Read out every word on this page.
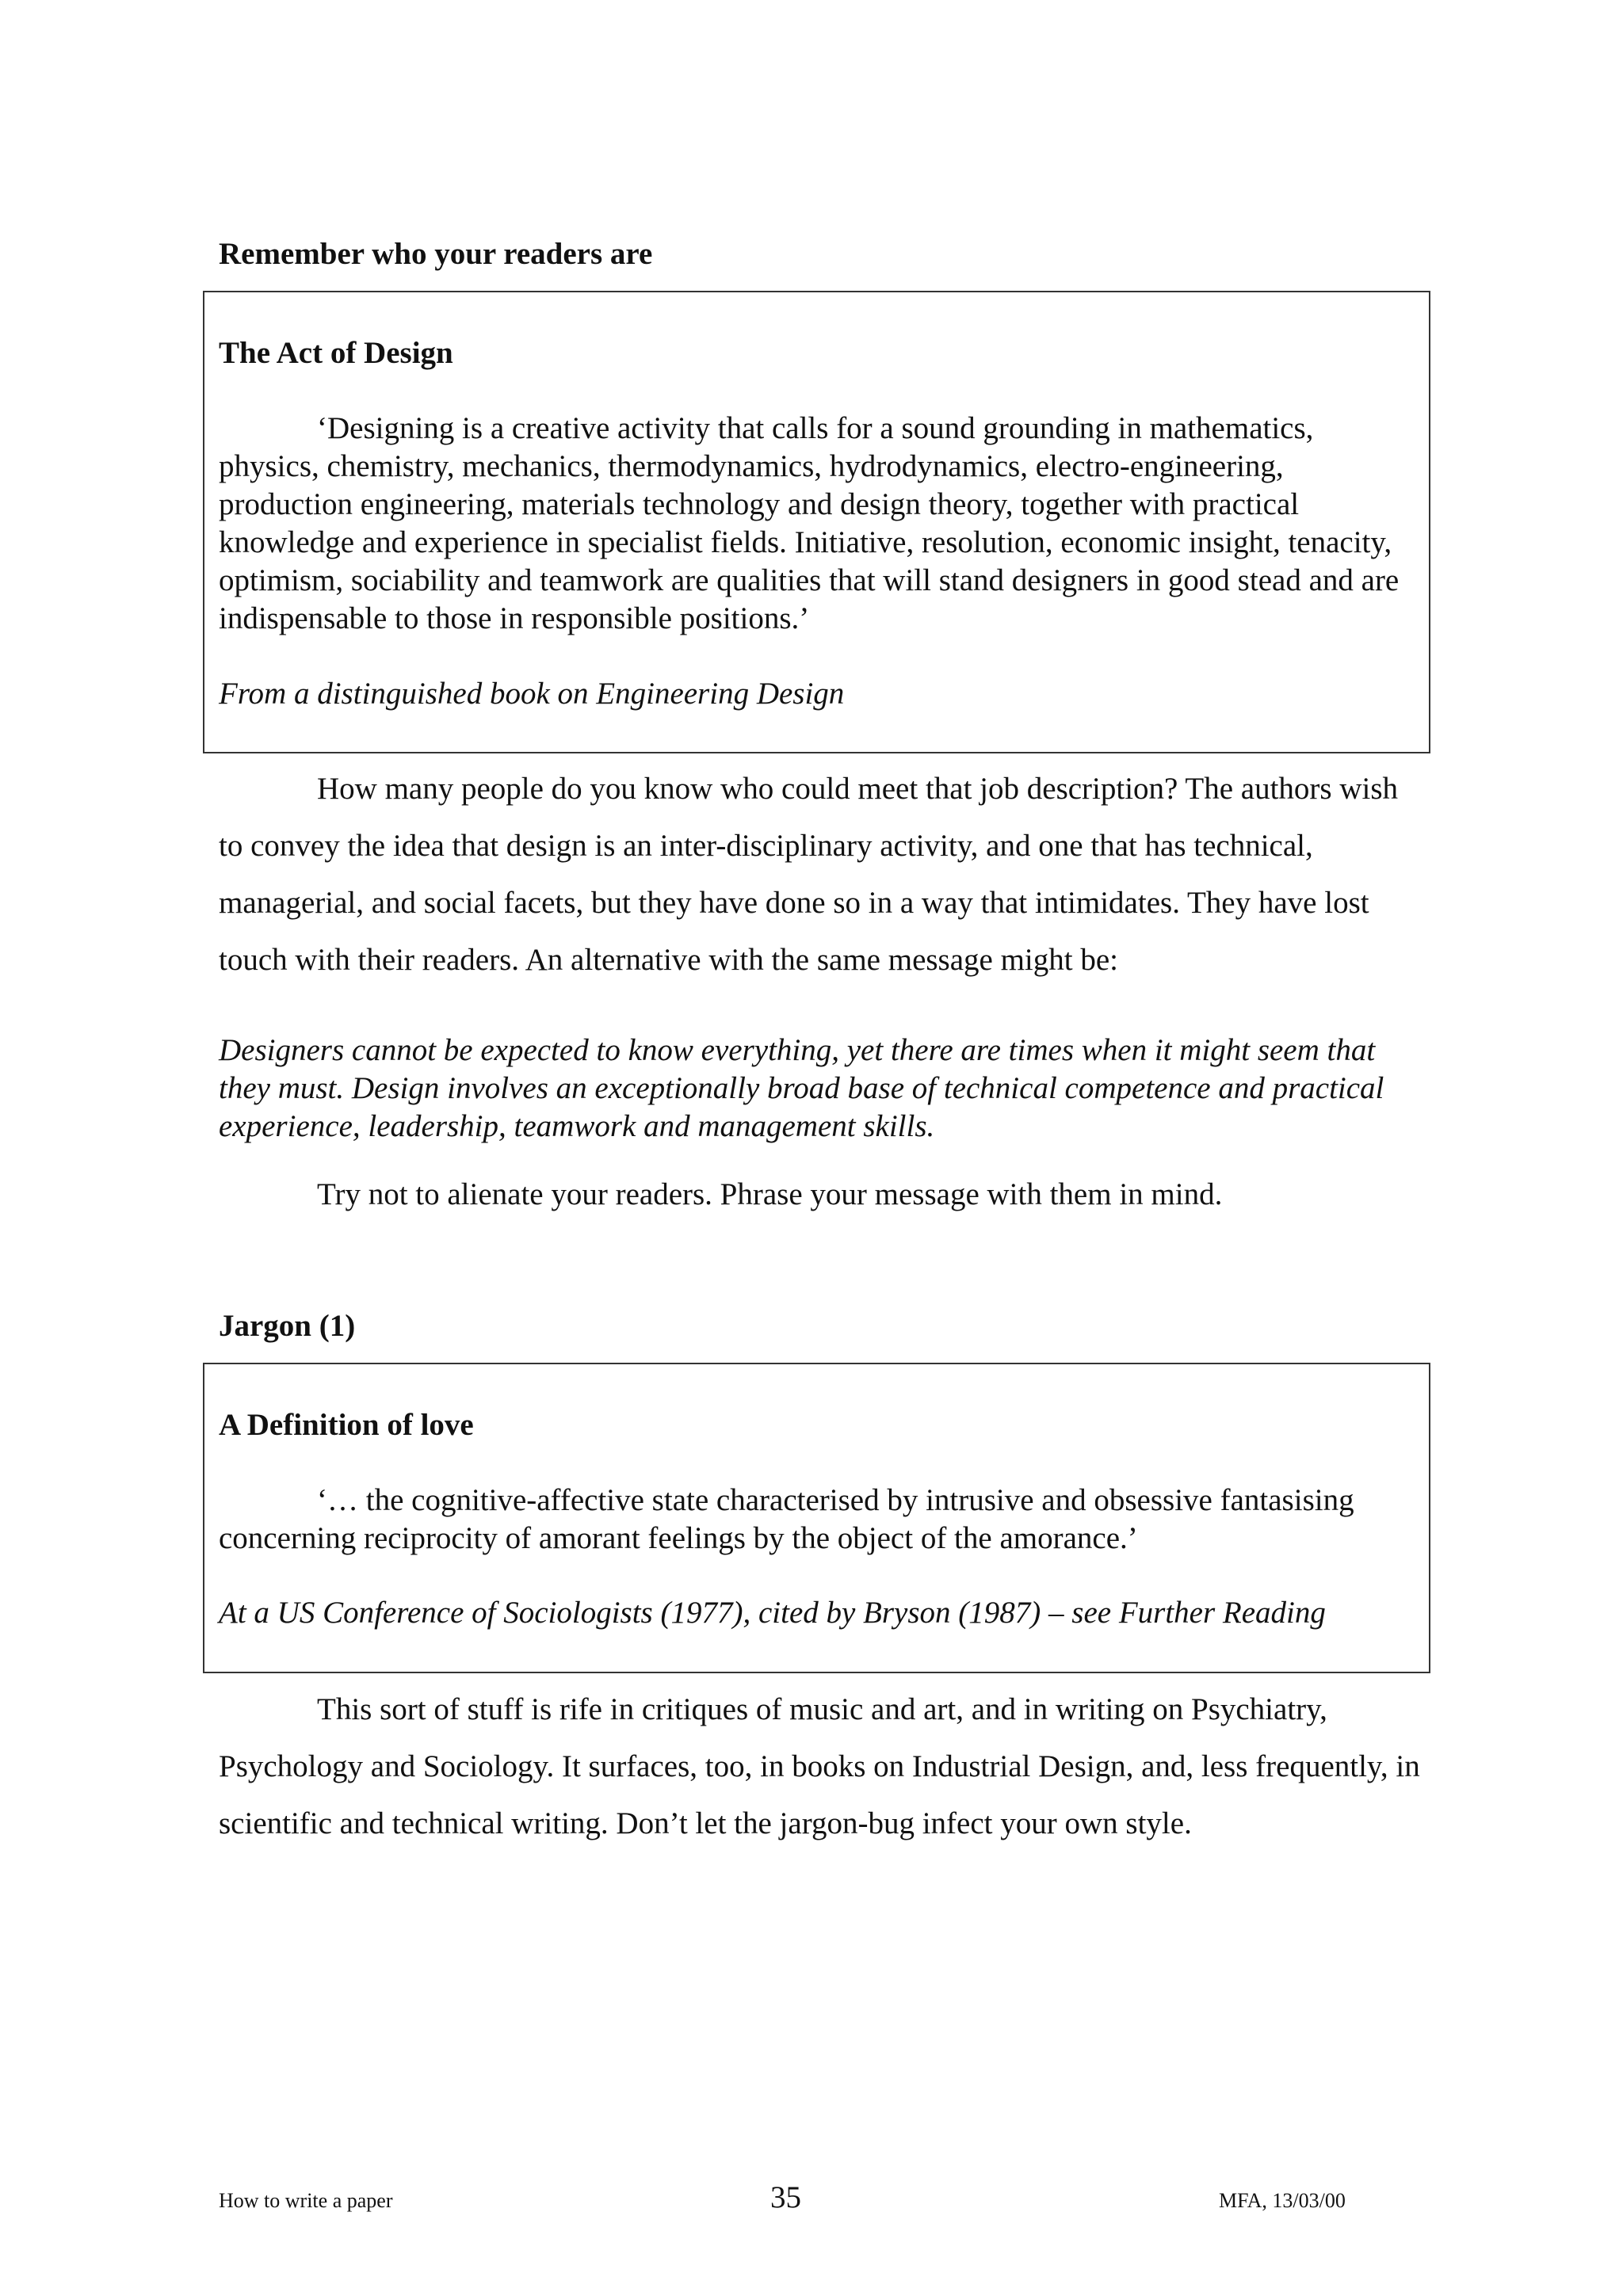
Remember who your readers are
The Act of Design

‘Designing is a creative activity that calls for a sound grounding in mathematics, physics, chemistry, mechanics, thermodynamics, hydrodynamics, electro-engineering, production engineering, materials technology and design theory, together with practical knowledge and experience in specialist fields. Initiative, resolution, economic insight, tenacity, optimism, sociability and teamwork are qualities that will stand designers in good stead and are indispensable to those in responsible positions.’

From a distinguished book on Engineering Design

How many people do you know who could meet that job description? The authors wish to convey the idea that design is an inter-disciplinary activity, and one that has technical, managerial, and social facets, but they have done so in a way that intimidates. They have lost touch with their readers. An alternative with the same message might be:

Designers cannot be expected to know everything, yet there are times when it might seem that they must. Design involves an exceptionally broad base of technical competence and practical experience, leadership, teamwork and management skills.

Try not to alienate your readers. Phrase your message with them in mind.

Jargon (1)
A Definition of love

‘… the cognitive-affective state characterised by intrusive and obsessive fantasising concerning reciprocity of amorant feelings by the object of the amorance.’

At a US Conference of Sociologists (1977), cited by Bryson (1987) – see Further Reading

This sort of stuff is rife in critiques of music and art, and in writing on Psychiatry, Psychology and Sociology. It surfaces, too, in books on Industrial Design, and, less frequently, in scientific and technical writing. Don’t let the jargon-bug infect your own style.

How to write a paper	35	MFA, 13/03/00
